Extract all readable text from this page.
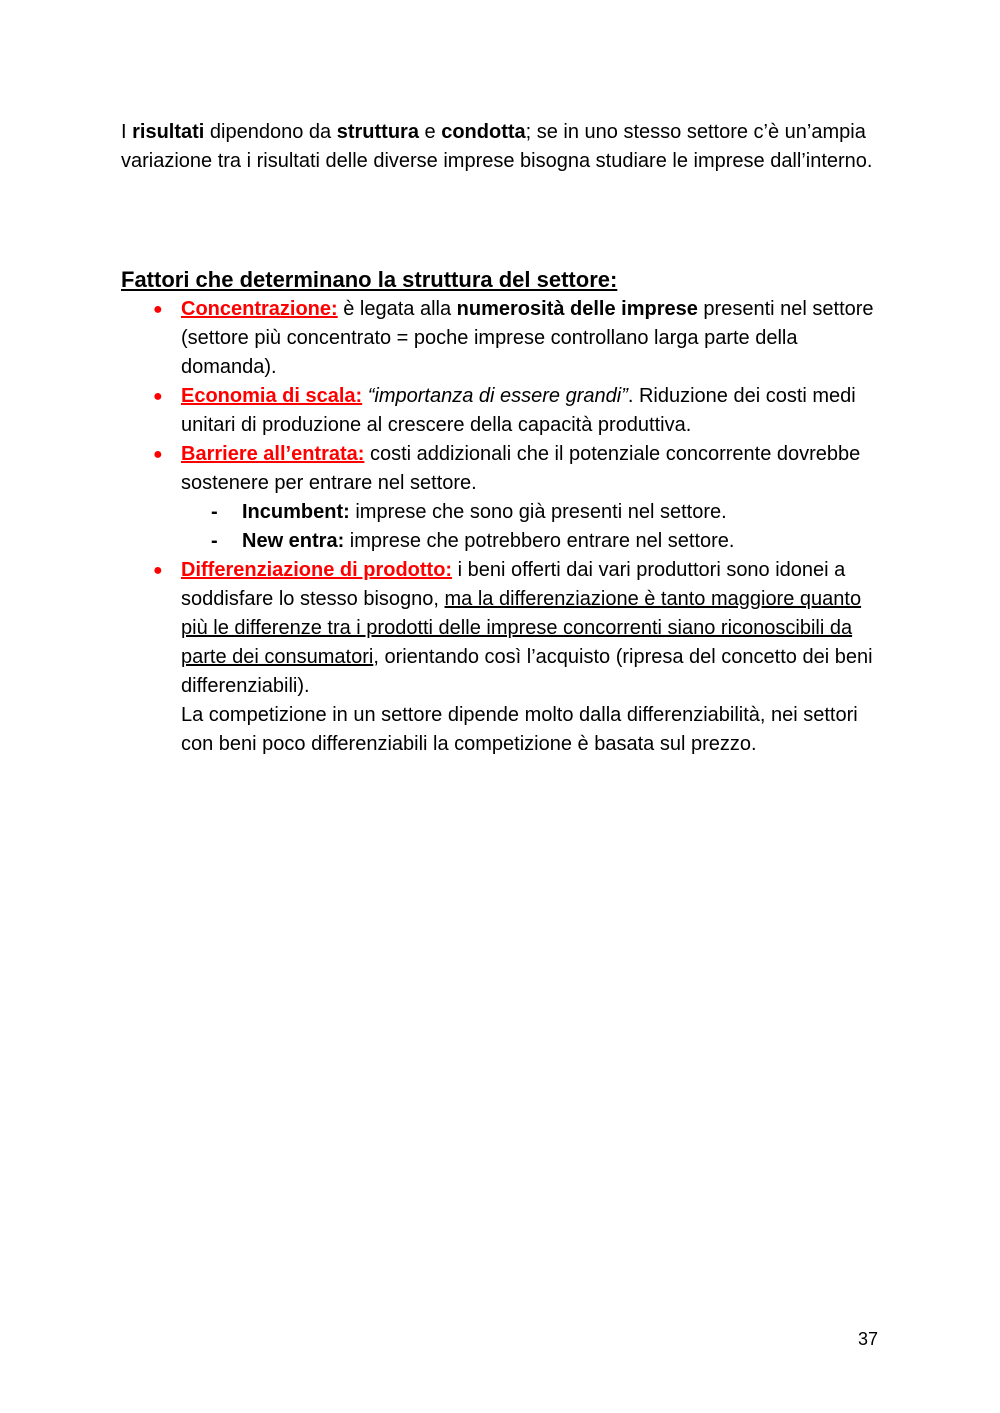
I risultati dipendono da struttura e condotta; se in uno stesso settore c’è un’ampia variazione tra i risultati delle diverse imprese bisogna studiare le imprese dall’interno.

Fattori che determinano la struttura del settore:
● Concentrazione: è legata alla numerosità delle imprese presenti nel settore (settore più concentrato = poche imprese controllano larga parte della domanda).
● Economia di scala: “importanza di essere grandi”. Riduzione dei costi medi unitari di produzione al crescere della capacità produttiva.
● Barriere all’entrata: costi addizionali che il potenziale concorrente dovrebbe sostenere per entrare nel settore.
- Incumbent: imprese che sono già presenti nel settore.
- New entra: imprese che potrebbero entrare nel settore.
● Differenziazione di prodotto: i beni offerti dai vari produttori sono idonei a soddisfare lo stesso bisogno, ma la differenziazione è tanto maggiore quanto più le differenze tra i prodotti delle imprese concorrenti siano riconoscibili da parte dei consumatori, orientando così l’acquisto (ripresa del concetto dei beni differenziabili).
La competizione in un settore dipende molto dalla differenziabilità, nei settori con beni poco differenziabili la competizione è basata sul prezzo.
37
